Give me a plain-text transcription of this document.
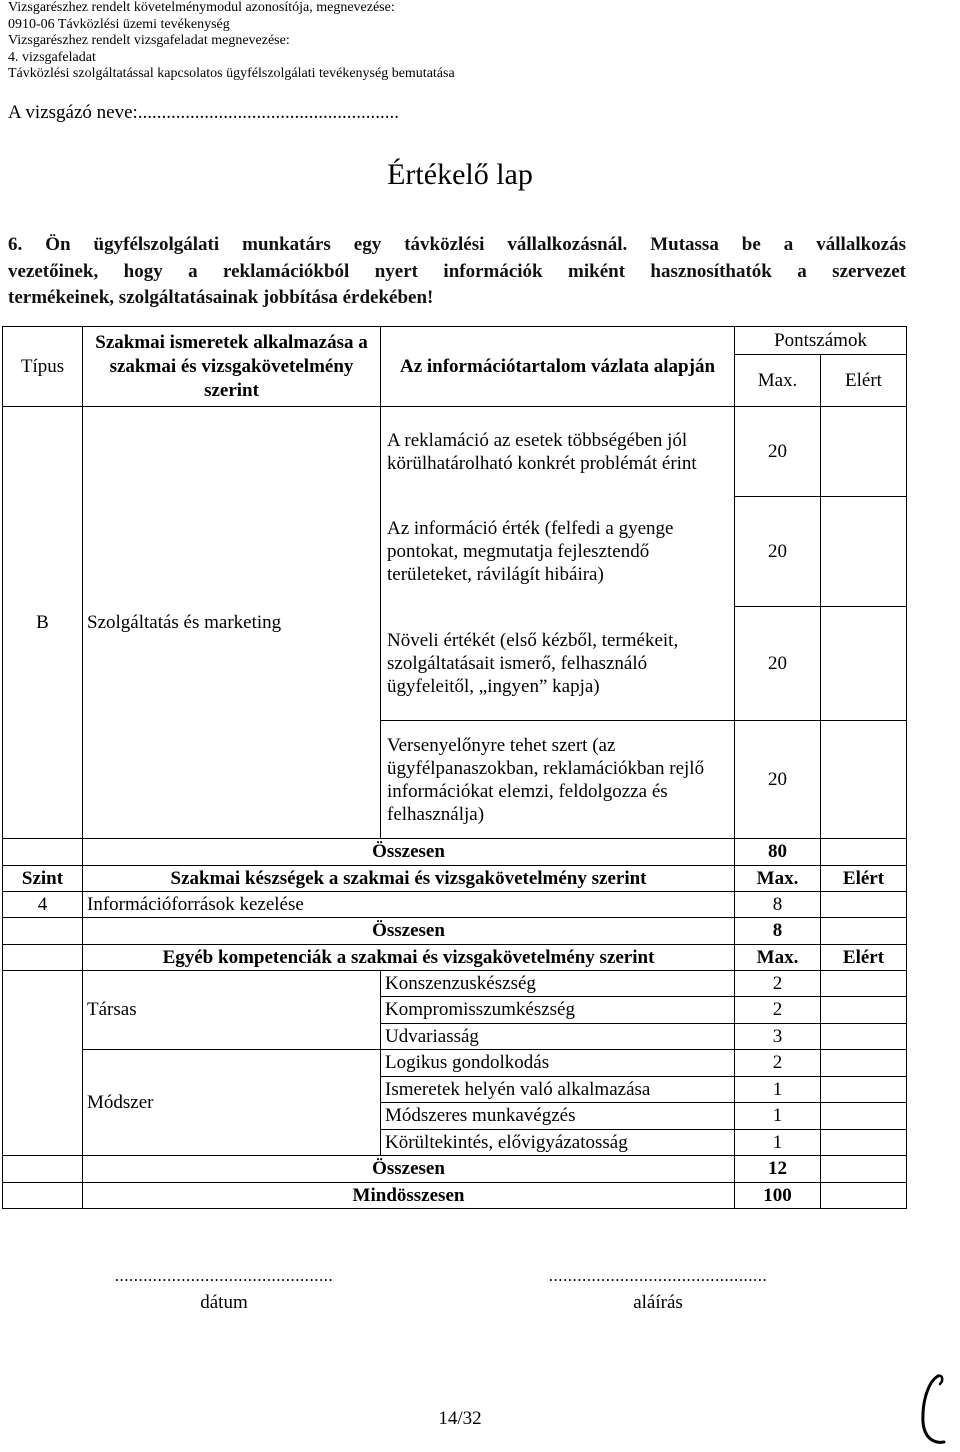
Vizsgarészhez rendelt követelménymodul azonosítója, megnevezése:
0910-06 Távközlési üzemi tevékenység
Vizsgarészhez rendelt vizsgafeladat megnevezése:
4. vizsgafeladat
Távközlési szolgáltatással kapcsolatos ügyfélszolgálati tevékenység bemutatása
A vizsgázó neve:.......................................................
Értékelő lap
6. Ön ügyfélszolgálati munkatárs egy távközlési vállalkozásnál. Mutassa be a vállalkozás
vezetőinek, hogy a reklamációkból nyert információk miként hasznosíthatók a szervezet
termékeinek, szolgáltatásainak jobbítása érdekében!
Típus	Szakmai ismeretek alkalmazása a szakmai és vizsgakövetelmény szerint	Az információtartalom vázlata alapján	Pontszámok	
			Max.	Elért
B	Szolgáltatás és marketing	A reklamáció az esetek többségében jól körülhatárolható konkrét problémát érint	20	
		Az információ érték (felfedi a gyenge pontokat, megmutatja fejlesztendő területeket, rávilágít hibáira)	20	
		Növeli értékét (első kézből, termékeit, szolgáltatásait ismerő, felhasználó ügyfeleitől, „ingyen” kapja)	20	
		Versenyelőnyre tehet szert (az ügyfélpanaszokban, reklamációkban rejlő információkat elemzi, feldolgozza és felhasználja)	20	
	Összesen		80	
Szint	Szakmai készségek a szakmai és vizsgakövetelmény szerint		Max.	Elért
4	Információforrások kezelése		8	
	Összesen		8	
	Egyéb kompetenciák a szakmai és vizsgakövetelmény szerint		Max.	Elért
	Társas	Konszenzuskészség	2	
		Kompromisszumkészség	2	
		Udvariasság	3	
	Módszer	Logikus gondolkodás	2	
		Ismeretek helyén való alkalmazása	1	
		Módszeres munkavégzés	1	
		Körültekintés, elővigyázatosság	1	
	Összesen		12	
	Mindösszesen		100	
..............................................
dátum
..............................................
aláírás
14/32
